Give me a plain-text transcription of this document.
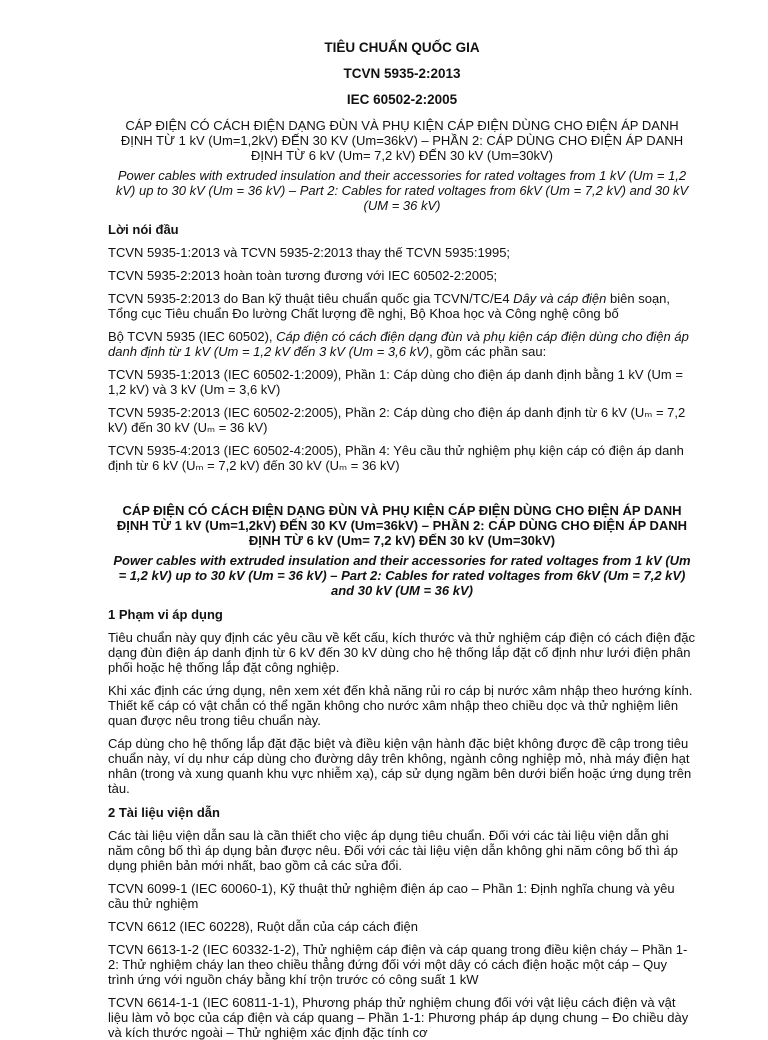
TIÊU CHUẨN QUỐC GIA
TCVN 5935-2:2013
IEC 60502-2:2005

CÁP ĐIỆN CÓ CÁCH ĐIỆN DẠNG ĐÙN VÀ PHỤ KIỆN CÁP ĐIỆN DÙNG CHO ĐIỆN ÁP DANH ĐỊNH TỪ 1 kV (Um=1,2kV) ĐẾN 30 KV (Um=36kV) – PHẦN 2: CÁP DÙNG CHO ĐIỆN ÁP DANH ĐỊNH TỪ 6 kV (Um= 7,2 kV) ĐẾN 30 kV (Um=30kV)

Power cables with extruded insulation and their accessories for rated voltages from 1 kV (Um = 1,2 kV) up to 30 kV (Um = 36 kV) – Part 2: Cables for rated voltages from 6kV (Um = 7,2 kV) and 30 kV (UM = 36 kV)

Lời nói đầu

TCVN 5935-1:2013 và TCVN 5935-2:2013 thay thế TCVN 5935:1995;

TCVN 5935-2:2013 hoàn toàn tương đương với IEC 60502-2:2005;

TCVN 5935-2:2013 do Ban kỹ thuật tiêu chuẩn quốc gia TCVN/TC/E4 Dây và cáp điện biên soạn, Tổng cục Tiêu chuẩn Đo lường Chất lượng đề nghị, Bộ Khoa học và Công nghệ công bố

Bộ TCVN 5935 (IEC 60502), Cáp điện có cách điện dạng đùn và phụ kiện cáp điện dùng cho điện áp danh định từ 1 kV (Um = 1,2 kV đến 3 kV (Um = 3,6 kV), gồm các phần sau:

TCVN 5935-1:2013 (IEC 60502-1:2009), Phần 1: Cáp dùng cho điện áp danh định bằng 1 kV (Um = 1,2 kV) và 3 kV (Um = 3,6 kV)

TCVN 5935-2:2013 (IEC 60502-2:2005), Phần 2: Cáp dùng cho điện áp danh định từ 6 kV (Uₘ = 7,2 kV) đến 30 kV (Uₘ = 36 kV)

TCVN 5935-4:2013 (IEC 60502-4:2005), Phần 4: Yêu cầu thử nghiệm phụ kiện cáp có điện áp danh định từ 6 kV (Uₘ = 7,2 kV) đến 30 kV (Uₘ = 36 kV)

CÁP ĐIỆN CÓ CÁCH ĐIỆN DẠNG ĐÙN VÀ PHỤ KIỆN CÁP ĐIỆN DÙNG CHO ĐIỆN ÁP DANH ĐỊNH TỪ 1 kV (Um=1,2kV) ĐẾN 30 KV (Um=36kV) – PHẦN 2: CÁP DÙNG CHO ĐIỆN ÁP DANH ĐỊNH TỪ 6 kV (Um= 7,2 kV) ĐẾN 30 kV (Um=30kV)

Power cables with extruded insulation and their accessories for rated voltages from 1 kV (Um = 1,2 kV) up to 30 kV (Um = 36 kV) – Part 2: Cables for rated voltages from 6kV (Um = 7,2 kV) and 30 kV (UM = 36 kV)

1 Phạm vi áp dụng

Tiêu chuẩn này quy định các yêu cầu về kết cấu, kích thước và thử nghiệm cáp điện có cách điện đặc dạng đùn điện áp danh định từ 6 kV đến 30 kV dùng cho hệ thống lắp đặt cố định như lưới điện phân phối hoặc hệ thống lắp đặt công nghiệp.

Khi xác định các ứng dụng, nên xem xét đến khả năng rủi ro cáp bị nước xâm nhập theo hướng kính. Thiết kế cáp có vật chắn có thể ngăn không cho nước xâm nhập theo chiều dọc và thử nghiệm liên quan được nêu trong tiêu chuẩn này.

Cáp dùng cho hệ thống lắp đặt đặc biệt và điều kiện vận hành đặc biệt không được đề cập trong tiêu chuẩn này, ví dụ như cáp dùng cho đường dây trên không, ngành công nghiệp mỏ, nhà máy điện hạt nhân (trong và xung quanh khu vực nhiễm xạ), cáp sử dụng ngầm bên dưới biển hoặc ứng dụng trên tàu.

2 Tài liệu viện dẫn

Các tài liệu viện dẫn sau là cần thiết cho việc áp dụng tiêu chuẩn. Đối với các tài liệu viện dẫn ghi năm công bố thì áp dụng bản được nêu. Đối với các tài liệu viện dẫn không ghi năm công bố thì áp dụng phiên bản mới nhất, bao gồm cả các sửa đổi.

TCVN 6099-1 (IEC 60060-1), Kỹ thuật thử nghiệm điện áp cao – Phần 1: Định nghĩa chung và yêu cầu thử nghiệm

TCVN 6612 (IEC 60228), Ruột dẫn của cáp cách điện

TCVN 6613-1-2 (IEC 60332-1-2), Thử nghiệm cáp điện và cáp quang trong điều kiện cháy – Phần 1-2: Thử nghiệm cháy lan theo chiều thẳng đứng đối với một dây có cách điện hoặc một cáp – Quy trình ứng với nguồn cháy bằng khí trộn trước có công suất 1 kW

TCVN 6614-1-1 (IEC 60811-1-1), Phương pháp thử nghiệm chung đối với vật liệu cách điện và vật liệu làm vỏ bọc của cáp điện và cáp quang – Phần 1-1: Phương pháp áp dụng chung – Đo chiều dày và kích thước ngoài – Thử nghiệm xác định đặc tính cơ
